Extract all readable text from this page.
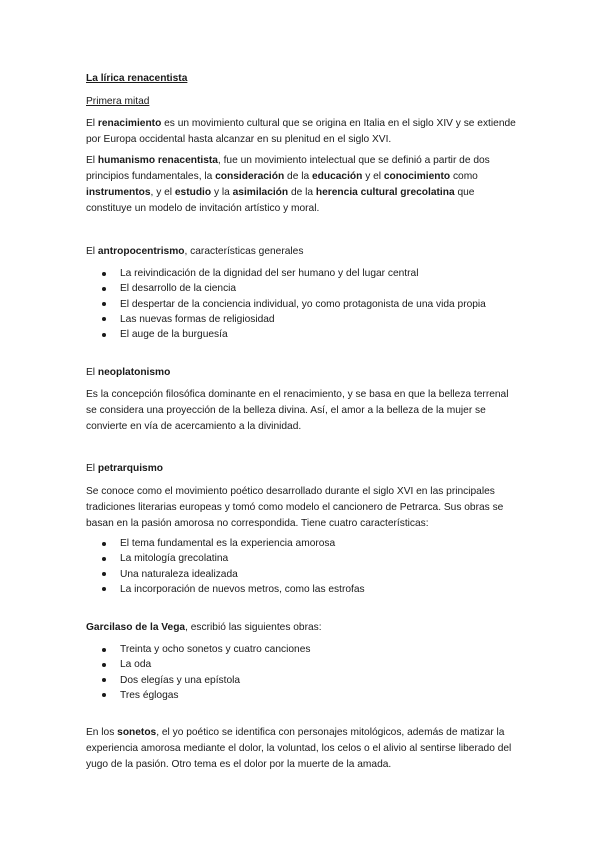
La lírica renacentista

Primera mitad

El renacimiento es un movimiento cultural que se origina en Italia en el siglo XIV y se extiende por Europa occidental hasta alcanzar en su plenitud en el siglo XVI.

El humanismo renacentista, fue un movimiento intelectual que se definió a partir de dos principios fundamentales, la consideración de la educación y el conocimiento como instrumentos, y el estudio y la asimilación de la herencia cultural grecolatina que constituye un modelo de invitación artístico y moral.

El antropocentrismo, características generales

La reivindicación de la dignidad del ser humano y del lugar central
El desarrollo de la ciencia
El despertar de la conciencia individual, yo como protagonista de una vida propia
Las nuevas formas de religiosidad
El auge de la burguesía

El neoplatonismo

Es la concepción filosófica dominante en el renacimiento, y se basa en que la belleza terrenal se considera una proyección de la belleza divina. Así, el amor a la belleza de la mujer se convierte en vía de acercamiento a la divinidad.

El petrarquismo

Se conoce como el movimiento poético desarrollado durante el siglo XVI en las principales tradiciones literarias europeas y tomó como modelo el cancionero de Petrarca. Sus obras se basan en la pasión amorosa no correspondida. Tiene cuatro características:

El tema fundamental es la experiencia amorosa
La mitología grecolatina
Una naturaleza idealizada
La incorporación de nuevos metros, como las estrofas

Garcilaso de la Vega, escribió las siguientes obras:

Treinta y ocho sonetos y cuatro canciones
La oda
Dos elegías y una epístola
Tres églogas

En los sonetos, el yo poético se identifica con personajes mitológicos, además de matizar la experiencia amorosa mediante el dolor, la voluntad, los celos o el alivio al sentirse liberado del yugo de la pasión. Otro tema es el dolor por la muerte de la amada.
